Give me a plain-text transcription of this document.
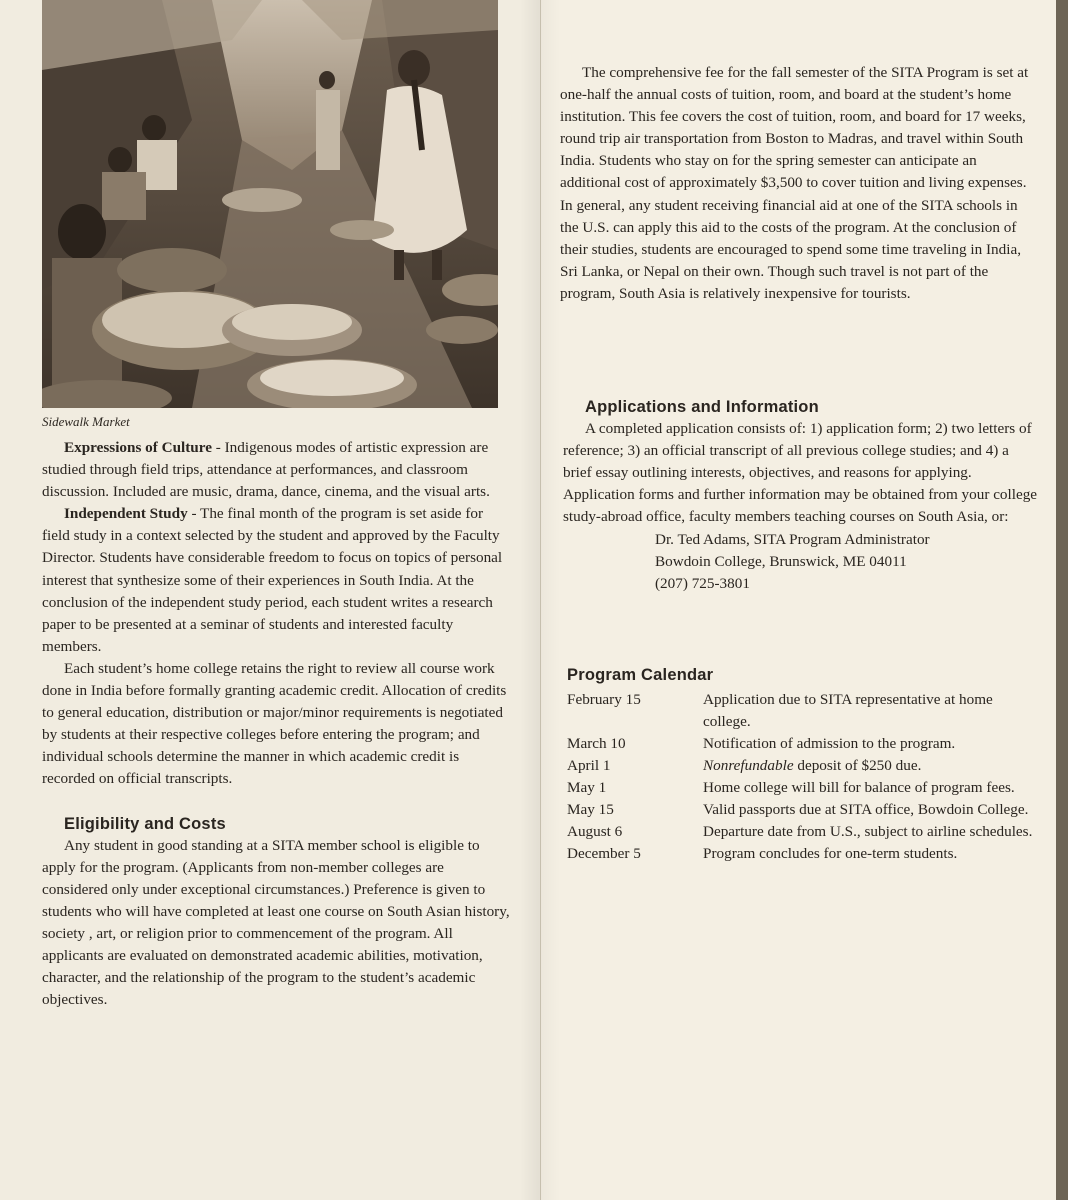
Sidewalk Market

Expressions of Culture - Indigenous modes of artistic expression are studied through field trips, attendance at performances, and classroom discussion. Included are music, drama, dance, cinema, and the visual arts.

Independent Study - The final month of the program is set aside for field study in a context selected by the student and approved by the Faculty Director. Students have considerable freedom to focus on topics of personal interest that synthesize some of their experiences in South India. At the conclusion of the independent study period, each student writes a research paper to be presented at a seminar of students and interested faculty members.

Each student’s home college retains the right to review all course work done in India before formally granting academic credit. Allocation of credits to general education, distribution or major/minor requirements is negotiated by students at their respective colleges before entering the program; and individual schools determine the manner in which academic credit is recorded on official transcripts.

Eligibility and Costs

Any student in good standing at a SITA member school is eligible to apply for the program. (Applicants from non-member colleges are considered only under exceptional circumstances.) Preference is given to students who will have completed at least one course on South Asian history, society , art, or religion prior to commencement of the program. All applicants are evaluated on demonstrated academic abilities, motivation, character, and the relationship of the program to the student’s academic objectives.

The comprehensive fee for the fall semester of the SITA Program is set at one-half the annual costs of tuition, room, and board at the student’s home institution. This fee covers the cost of tuition, room, and board for 17 weeks, round trip air transportation from Boston to Madras, and travel within South India. Students who stay on for the spring semester can anticipate an additional cost of approximately $3,500 to cover tuition and living expenses. In general, any student receiving financial aid at one of the SITA schools in the U.S. can apply this aid to the costs of the program. At the conclusion of their studies, students are encouraged to spend some time traveling in India, Sri Lanka, or Nepal on their own. Though such travel is not part of the program, South Asia is relatively inexpensive for tourists.

Applications and Information

A completed application consists of: 1) application form; 2) two letters of reference; 3) an official transcript of all previous college studies; and 4) a brief essay outlining interests, objectives, and reasons for applying. Application forms and further information may be obtained from your college study-abroad office, faculty members teaching courses on South Asia, or:

Dr. Ted Adams, SITA Program Administrator

Bowdoin College, Brunswick, ME 04011

(207) 725-3801

Program Calendar

February 15	Application due to SITA representative at home college.
March 10	Notification of admission to the program.
April 1	Nonrefundable deposit of $250 due.
May 1	Home college will bill for balance of program fees.
May 15	Valid passports due at SITA office, Bowdoin College.
August 6	Departure date from U.S., subject to airline schedules.
December 5	Program concludes for one-term students.
